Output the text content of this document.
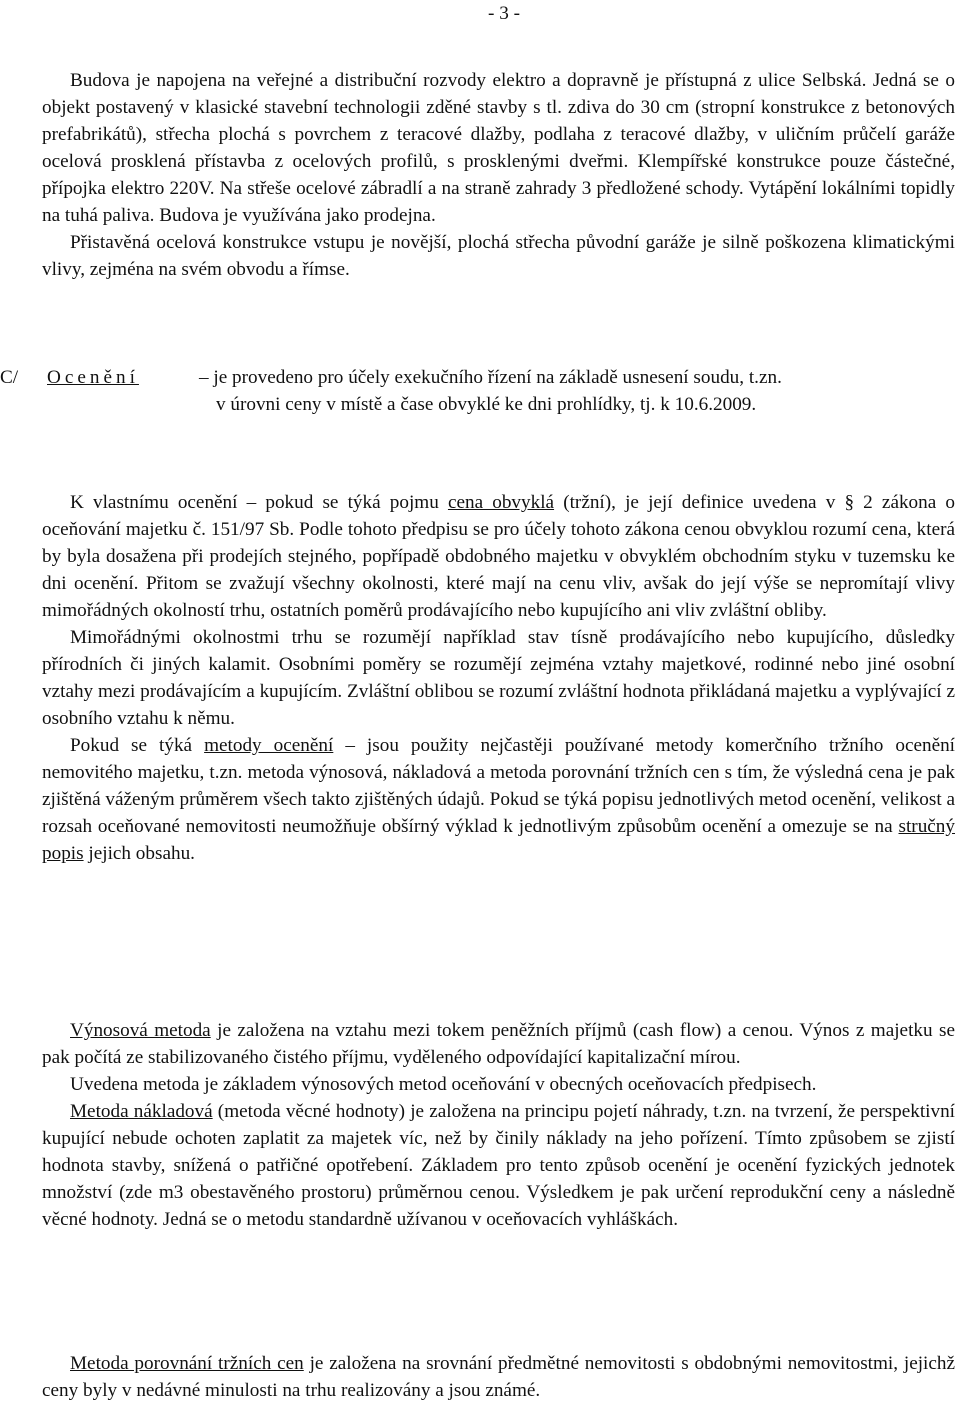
- 3 -

Budova je napojena na veřejné a distribuční rozvody elektro a dopravně je přístupná z ulice Selbská. Jedná se o objekt postavený v klasické stavební technologii zděné stavby s tl. zdiva do 30 cm (stropní konstrukce z betonových prefabrikátů), střecha plochá s povrchem z teracové dlažby, podlaha z teracové dlažby, v uličním průčelí garáže ocelová prosklená přístavba z ocelových profilů, s prosklenými dveřmi. Klempířské konstrukce pouze částečné, přípojka elektro 220V. Na střeše ocelové zábradlí a na straně zahrady 3 předložené schody. Vytápění lokálními topidly na tuhá paliva. Budova je využívána jako prodejna.

Přistavěná ocelová konstrukce vstupu je novější, plochá střecha původní garáže je silně poškozena klimatickými vlivy, zejména na svém obvodu a římse.

C/ Ocenění	– je provedeno pro účely exekučního řízení na základě usnesení soudu, t.zn.
v úrovni ceny v místě a čase obvyklé ke dni prohlídky, tj. k 10.6.2009.

K vlastnímu ocenění – pokud se týká pojmu cena obvyklá (tržní), je její definice uvedena v § 2 zákona o oceňování majetku č. 151/97 Sb. Podle tohoto předpisu se pro účely tohoto zákona cenou obvyklou rozumí cena, která by byla dosažena při prodejích stejného, popřípadě obdobného majetku v obvyklém obchodním styku v tuzemsku ke dni ocenění. Přitom se zvažují všechny okolnosti, které mají na cenu vliv, avšak do její výše se nepromítají vlivy mimořádných okolností trhu, ostatních poměrů prodávajícího nebo kupujícího ani vliv zvláštní obliby.

Mimořádnými okolnostmi trhu se rozumějí například stav tísně prodávajícího nebo kupujícího, důsledky přírodních či jiných kalamit. Osobními poměry se rozumějí zejména vztahy majetkové, rodinné nebo jiné osobní vztahy mezi prodávajícím a kupujícím. Zvláštní oblibou se rozumí zvláštní hodnota přikládaná majetku a vyplývající z osobního vztahu k němu.

Pokud se týká metody ocenění – jsou použity nejčastěji používané metody komerčního tržního ocenění nemovitého majetku, t.zn. metoda výnosová, nákladová a metoda porovnání tržních cen s tím, že výsledná cena je pak zjištěná váženým průměrem všech takto zjištěných údajů. Pokud se týká popisu jednotlivých metod ocenění, velikost a rozsah oceňované nemovitosti neumožňuje obšírný výklad k jednotlivým způsobům ocenění a omezuje se na stručný popis jejich obsahu.

Výnosová metoda je založena na vztahu mezi tokem peněžních příjmů (cash flow) a cenou. Výnos z majetku se pak počítá ze stabilizovaného čistého příjmu, vyděleného odpovídající kapitalizační mírou.

Uvedena metoda je základem výnosových metod oceňování v obecných oceňovacích předpisech.

Metoda nákladová (metoda věcné hodnoty) je založena na principu pojetí náhrady, t.zn. na tvrzení, že perspektivní kupující nebude ochoten zaplatit za majetek víc, než by činily náklady na jeho pořízení. Tímto způsobem se zjistí hodnota stavby, snížená o patřičné opotřebení. Základem pro tento způsob ocenění je ocenění fyzických jednotek množství (zde m3 obestavěného prostoru) průměrnou cenou. Výsledkem je pak určení reprodukční ceny a následně věcné hodnoty. Jedná se o metodu standardně užívanou v oceňovacích vyhláškách.

Metoda porovnání tržních cen je založena na srovnání předmětné nemovitosti s obdobnými nemovitostmi, jejichž ceny byly v nedávné minulosti na trhu realizovány a jsou známé.
